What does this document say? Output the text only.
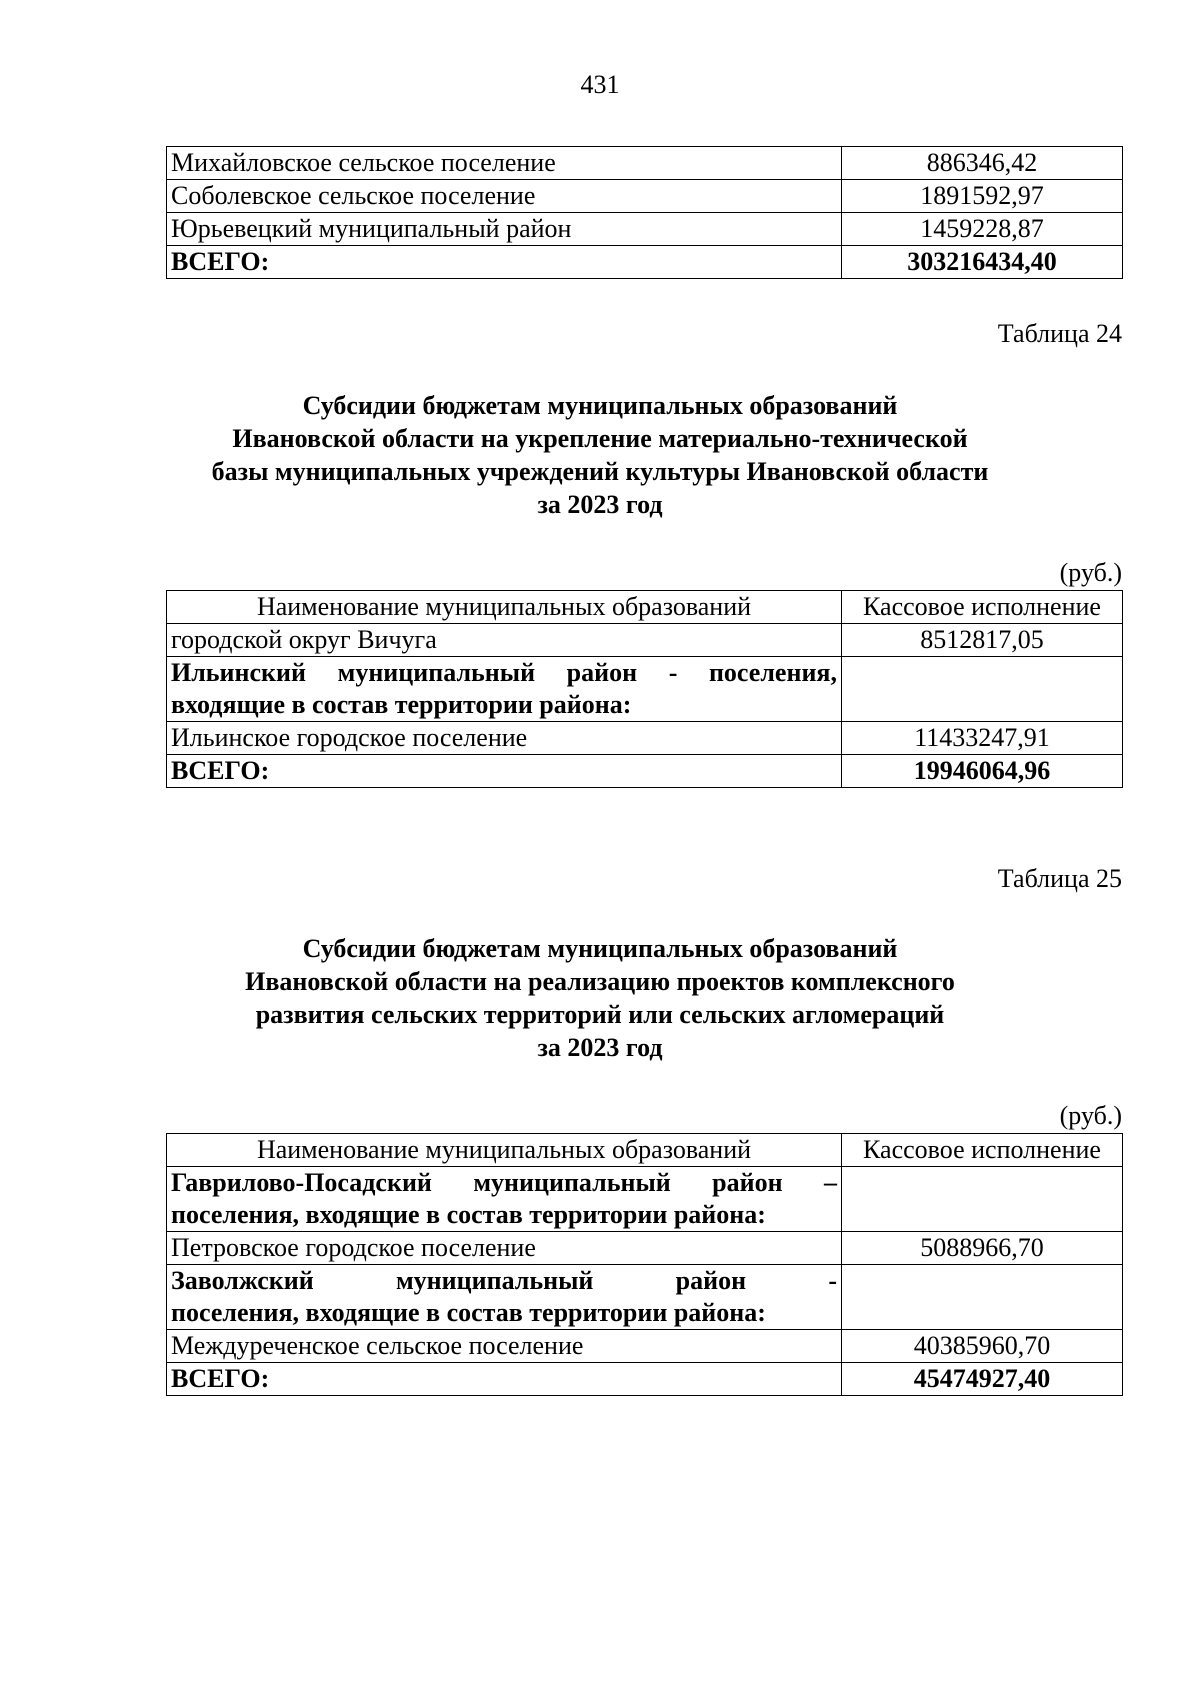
431
Михайловское сельское поселение	886346,42
Соболевское сельское поселение	1891592,97
Юрьевецкий муниципальный район	1459228,87
ВСЕГО:	303216434,40
Таблица 24
Субсидии бюджетам муниципальных образований
Ивановской области на укрепление материально-технической
базы муниципальных учреждений культуры Ивановской области
за 2023 год
(руб.)
Наименование муниципальных образований	Кассовое исполнение
городской округ Вичуга	8512817,05
Ильинский муниципальный район - поселения, входящие в состав территории района:	
Ильинское городское поселение	11433247,91
ВСЕГО:	19946064,96
Таблица 25
Субсидии бюджетам муниципальных образований
Ивановской области на реализацию проектов комплексного
развития сельских территорий или сельских агломераций
за 2023 год
(руб.)
Наименование муниципальных образований	Кассовое исполнение
Гаврилово-Посадский муниципальный район – поселения, входящие в состав территории района:	
Петровское городское поселение	5088966,70

Заволжский муниципальный район -
поселения, входящие в состав территории района:	

Междуреченское сельское поселение	40385960,70
ВСЕГО:	45474927,40
